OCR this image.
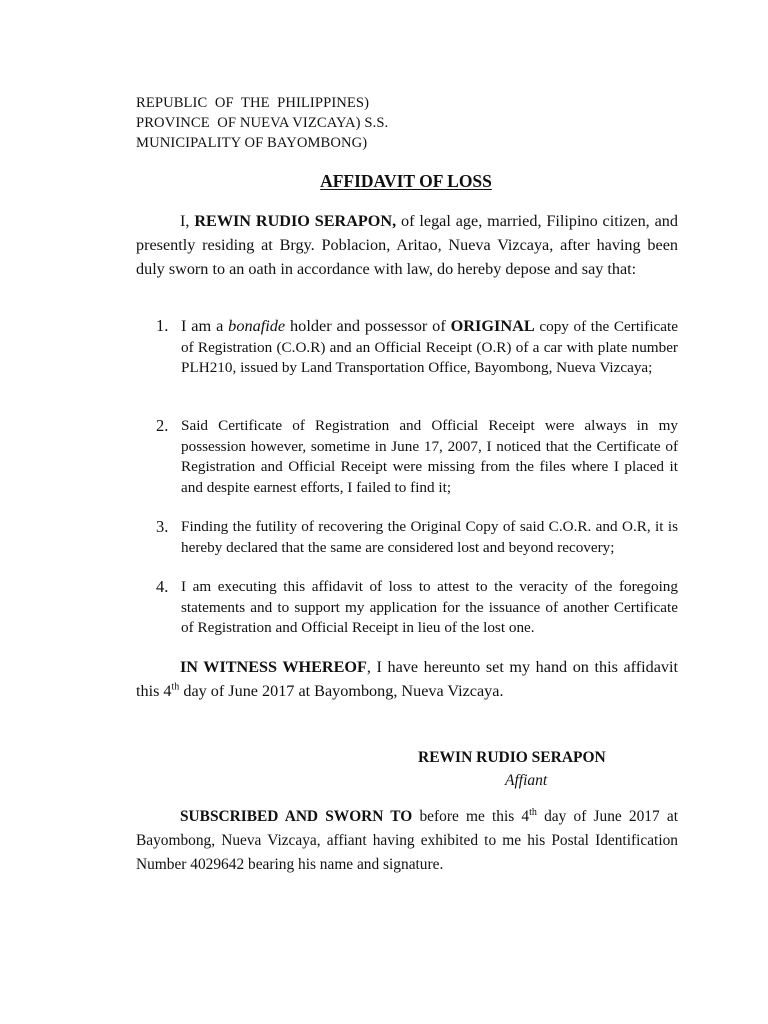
REPUBLIC  OF  THE  PHILIPPINES)
PROVINCE  OF NUEVA VIZCAYA) S.S.
MUNICIPALITY OF BAYOMBONG)
AFFIDAVIT OF LOSS
I, REWIN RUDIO SERAPON, of legal age, married, Filipino citizen, and presently residing at Brgy. Poblacion, Aritao, Nueva Vizcaya, after having been duly sworn to an oath in accordance with law, do hereby depose and say that:
1. I am a bonafide holder and possessor of ORIGINAL copy of the Certificate of Registration (C.O.R) and an Official Receipt (O.R) of a car with plate number PLH210, issued by Land Transportation Office, Bayombong, Nueva Vizcaya;
2. Said Certificate of Registration and Official Receipt were always in my possession however, sometime in June 17, 2007, I noticed that the Certificate of Registration and Official Receipt were missing from the files where I placed it and despite earnest efforts, I failed to find it;
3. Finding the futility of recovering the Original Copy of said C.O.R. and O.R, it is hereby declared that the same are considered lost and beyond recovery;
4. I am executing this affidavit of loss to attest to the veracity of the foregoing statements and to support my application for the issuance of another Certificate of Registration and Official Receipt in lieu of the lost one.
IN WITNESS WHEREOF, I have hereunto set my hand on this affidavit this 4th day of June 2017 at Bayombong, Nueva Vizcaya.
REWIN RUDIO SERAPON
Affiant
SUBSCRIBED AND SWORN TO before me this 4th day of June 2017 at Bayombong, Nueva Vizcaya, affiant having exhibited to me his Postal Identification Number 4029642 bearing his name and signature.
